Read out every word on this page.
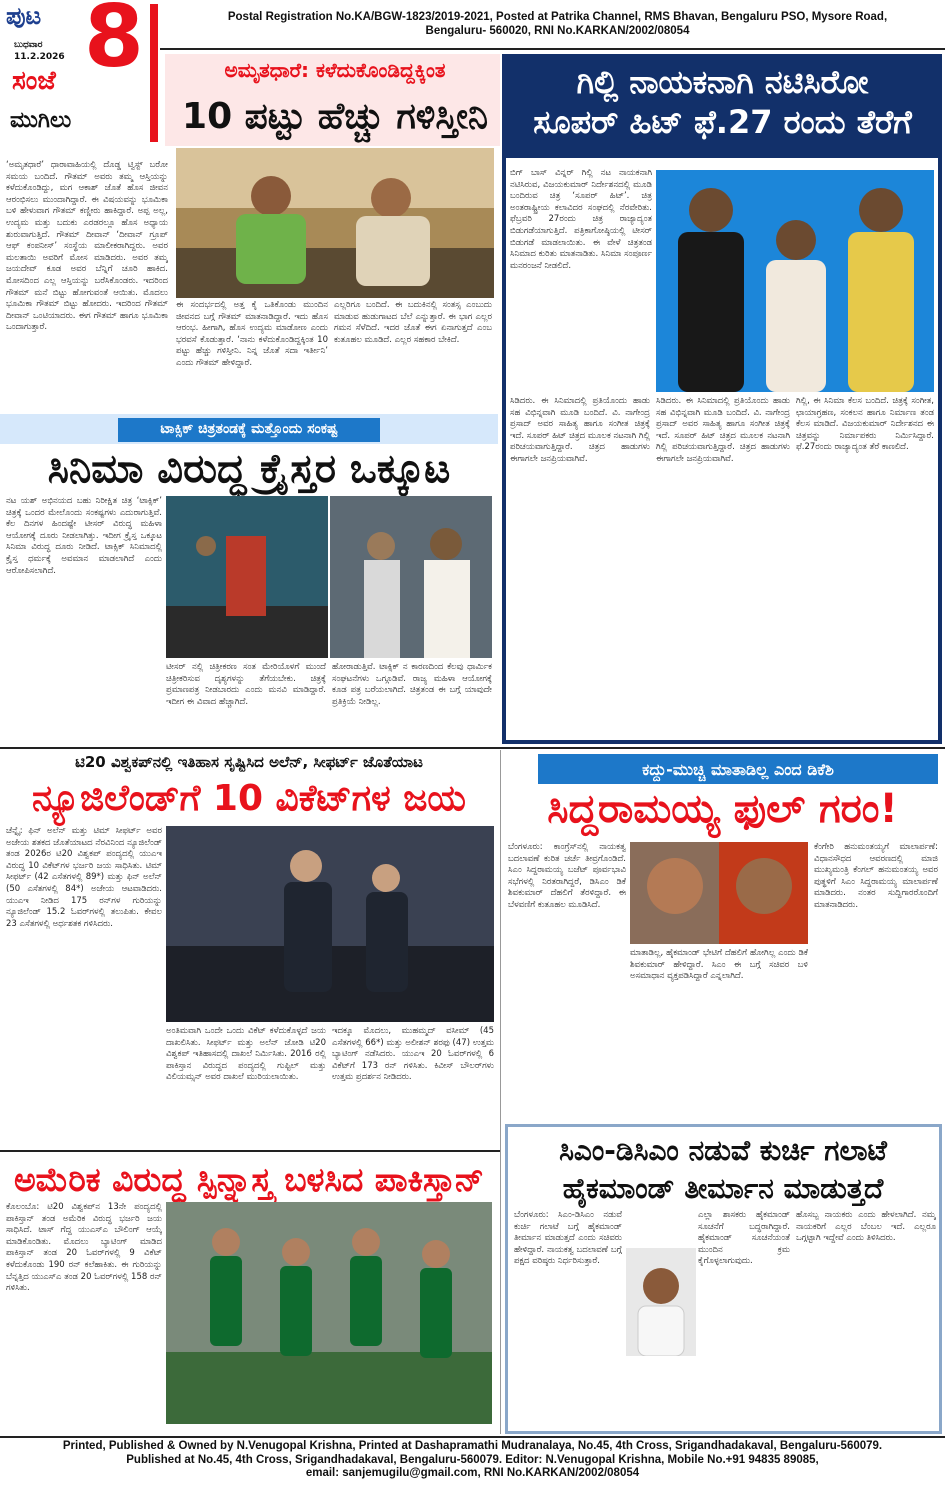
ಪುಟ 8
ಬುಧವಾರ
11.2.2026
ಸಂಜೆ
ಮುಗಿಲು
Postal Registration No.KA/BGW-1823/2019-2021, Posted at Patrika Channel, RMS Bhavan, Bengaluru PSO, Mysore Road,
Bengaluru- 560020, RNI No.KARKAN/2002/08054
ಅಮೃತಧಾರೆ: ಕಳೆದುಕೊಂಡಿದ್ದಕ್ಕಿಂತ
10 ಪಟ್ಟು ಹೆಚ್ಚು ಗಳಿಸ್ತೀನಿ
‘ಅಮೃತಧಾರೆ’ ಧಾರಾವಾಹಿಯಲ್ಲಿ ದೊಡ್ಡ ಟ್ವಿಸ್ಟ್ ಬರೋ ಸಮಯ ಬಂದಿದೆ. ಗೌತಮ್ ಅವರು ತಮ್ಮ ಆಸ್ತಿಯನ್ನು ಕಳೆದುಕೊಂಡಿದ್ದು, ಮಗ ಆಕಾಶ್ ಜೊತೆ ಹೊಸ ಜೀವನ ಆರಂಭಿಸಲು ಮುಂದಾಗಿದ್ದಾರೆ. ಈ ವಿಷಯವನ್ನು ಭೂಮಿಕಾ ಬಳಿ ಹೇಳುವಾಗ ಗೌತಮ್ ಕಣ್ಣೀರು ಹಾಕಿದ್ದಾರೆ. ಅಪ್ಪ ಅಲ್ಲ, ಉದ್ಯಮ ಮತ್ತು ಬದುಕು ಎರಡರಲ್ಲೂ ಹೊಸ ಅಧ್ಯಾಯ ಶುರುವಾಗುತ್ತಿದೆ. ಗೌತಮ್ ದೀವಾನ್ ‘ದೀವಾನ್ ಗ್ರೂಪ್ ಆಫ್ ಕಂಪನೀಸ್’ ಸಂಸ್ಥೆಯ ಮಾಲೀಕರಾಗಿದ್ದರು. ಅವರ ಮಲತಾಯಿ ಅವರಿಗೆ ಮೋಸ ಮಾಡಿದರು. ಅವರ ತಮ್ಮ ಜಯದೇವ್ ಕೂಡ ಅವರ ಬೆನ್ನಿಗೆ ಚೂರಿ ಹಾಕಿದ. ಮೋಸದಿಂದ ಎಲ್ಲ ಆಸ್ತಿಯನ್ನು ಬರೆಸಿಕೊಂಡರು. ಇದರಿಂದ ಗೌತಮ್ ಮನೆ ಬಿಟ್ಟು ಹೋಗುವಂತೆ ಆಯಿತು. ಮೊದಲು ಭೂಮಿಕಾ ಗೌತಮ್ ಬಿಟ್ಟು ಹೋದರು. ಇದರಿಂದ ಗೌತಮ್ ದೀವಾನ್ ಒಂಟಿಯಾದರು. ಈಗ ಗೌತಮ್ ಹಾಗೂ ಭೂಮಿಕಾ ಒಂದಾಗುತ್ತಾರೆ.
ಈ ಸಂದರ್ಭದಲ್ಲಿ ಅತ್ತ ಕೈ ಒತಿಕೊಂಡು ಮುಂದಿನ ಜೀವನದ ಬಗ್ಗೆ ಗೌತಮ್ ಮಾತನಾಡಿದ್ದಾರೆ. ಇದು ಹೊಸ ಆರಂಭ. ಹೀಗಾಗಿ, ಹೊಸ ಉದ್ಯಮ ಮಾಡೋಣ ಎಂದು ಭರವಸೆ ಕೊಡುತ್ತಾರೆ. ‘ನಾನು ಕಳೆದುಕೊಂಡಿದ್ದಕ್ಕಿಂತ 10 ಪಟ್ಟು ಹೆಚ್ಚು ಗಳಿಸ್ತೀನಿ. ನಿನ್ನ ಜೊತೆ ಸದಾ ಇರ್ತೀನಿ’ ಎಂದು ಗೌತಮ್ ಹೇಳಿದ್ದಾರೆ.
ಎಲ್ಲರಿಗೂ ಬಂದಿದೆ. ಈ ಬದುಕಿನಲ್ಲಿ ಸಂತಸ್ಸ ಎಂಬುದು ಮಾಡುವ ಹುಡುಗಾಟದ ಬೆಲೆ ಎನ್ನುತ್ತಾರೆ. ಈ ಭಾಗ ಎಲ್ಲರ ಗಮನ ಸೆಳೆದಿದೆ. ಇದರ ಜೊತೆ ಈಗ ಏನಾಗುತ್ತದೆ ಎಂಬ ಕುತೂಹಲ ಮೂಡಿದೆ. ಎಲ್ಲರ ಸಹಕಾರ ಬೇಕಿದೆ.
ಗಿಲ್ಲಿ ನಾಯಕನಾಗಿ ನಟಿಸಿರೋ
ಸೂಪರ್ ಹಿಟ್ ಫೆ.27 ರಂದು ತೆರೆಗೆ
ಬಿಗ್ ಬಾಸ್ ವಿನ್ನರ್ ಗಿಲ್ಲಿ ನಟ ನಾಯಕನಾಗಿ ನಟಿಸಿರುವ, ವಿಜಯಕುಮಾರ್ ನಿರ್ದೇಶನದಲ್ಲಿ ಮೂಡಿ ಬಂದಿರುವ ಚಿತ್ರ ‘ಸೂಪರ್ ಹಿಟ್’. ಚಿತ್ರ ಅಂತರಾಷ್ಟ್ರೀಯ ಕಲಾವಿದರ ಸಂಘದಲ್ಲಿ ನೆರವೇರಿತು. ಫೆಬ್ರವರಿ 27ರಂದು ಚಿತ್ರ ರಾಜ್ಯಾದ್ಯಂತ ಬಿಡುಗಡೆಯಾಗುತ್ತಿದೆ. ಪತ್ರಿಕಾಗೋಷ್ಠಿಯಲ್ಲಿ ಟೀಸರ್ ಬಿಡುಗಡೆ ಮಾಡಲಾಯಿತು. ಈ ವೇಳೆ ಚಿತ್ರತಂಡ ಸಿನಿಮಾದ ಕುರಿತು ಮಾತನಾಡಿತು. ಸಿನಿಮಾ ಸಂಪೂರ್ಣ ಮನರಂಜನೆ ನೀಡಲಿದೆ.
ಸಿಡಿದರು. ಈ ಸಿನಿಮಾದಲ್ಲಿ ಪ್ರತಿಯೊಂದು ಹಾಡು ಸಹ ವಿಭಿನ್ನವಾಗಿ ಮೂಡಿ ಬಂದಿದೆ. ವಿ. ನಾಗೇಂದ್ರ ಪ್ರಸಾದ್ ಅವರ ಸಾಹಿತ್ಯ ಹಾಗೂ ಸಂಗೀತ ಚಿತ್ರಕ್ಕೆ ಇದೆ. ಸೂಪರ್ ಹಿಟ್ ಚಿತ್ರದ ಮೂಲಕ ನಟನಾಗಿ ಗಿಲ್ಲಿ ಪರಿಚಯವಾಗುತ್ತಿದ್ದಾರೆ. ಚಿತ್ರದ ಹಾಡುಗಳು ಈಗಾಗಲೇ ಜನಪ್ರಿಯವಾಗಿವೆ.
ಸಿಡಿದರು. ಈ ಸಿನಿಮಾದಲ್ಲಿ ಪ್ರತಿಯೊಂದು ಹಾಡು ಸಹ ವಿಭಿನ್ನವಾಗಿ ಮೂಡಿ ಬಂದಿದೆ. ವಿ. ನಾಗೇಂದ್ರ ಪ್ರಸಾದ್ ಅವರ ಸಾಹಿತ್ಯ ಹಾಗೂ ಸಂಗೀತ ಚಿತ್ರಕ್ಕೆ ಇದೆ. ಸೂಪರ್ ಹಿಟ್ ಚಿತ್ರದ ಮೂಲಕ ನಟನಾಗಿ ಗಿಲ್ಲಿ ಪರಿಚಯವಾಗುತ್ತಿದ್ದಾರೆ. ಚಿತ್ರದ ಹಾಡುಗಳು ಈಗಾಗಲೇ ಜನಪ್ರಿಯವಾಗಿವೆ.
ಗಿಲ್ಲಿ, ಈ ಸಿನಿಮಾ ಕೆಲಸ ಬಂದಿದೆ. ಚಿತ್ರಕ್ಕೆ ಸಂಗೀತ, ಛಾಯಾಗ್ರಹಣ, ಸಂಕಲನ ಹಾಗೂ ನಿರ್ಮಾಣ ತಂಡ ಕೆಲಸ ಮಾಡಿದೆ. ವಿಜಯಕುಮಾರ್ ನಿರ್ದೇಶನದ ಈ ಚಿತ್ರವನ್ನು ನಿರ್ಮಾಪಕರು ನಿರ್ಮಿಸಿದ್ದಾರೆ. ಫೆ.27ರಂದು ರಾಜ್ಯಾದ್ಯಂತ ತೆರೆ ಕಾಣಲಿದೆ.
ಟಾಕ್ಸಿಕ್ ಚಿತ್ರತಂಡಕ್ಕೆ ಮತ್ತೊಂದು ಸಂಕಷ್ಟ
ಸಿನಿಮಾ ವಿರುದ್ಧ ಕ್ರೈಸ್ತರ ಒಕ್ಕೂಟ
ನಟ ಯಶ್ ಅಭಿನಯದ ಬಹು ನಿರೀಕ್ಷಿತ ಚಿತ್ರ ‘ಟಾಕ್ಸಿಕ್’ ಚಿತ್ರಕ್ಕೆ ಒಂದರ ಮೇಲೊಂದು ಸಂಕಷ್ಟಗಳು ಎದುರಾಗುತ್ತಿವೆ. ಕೆಲ ದಿನಗಳ ಹಿಂದಷ್ಟೇ ಟೀಸರ್ ವಿರುದ್ಧ ಮಹಿಳಾ ಆಯೋಗಕ್ಕೆ ದೂರು ನೀಡಲಾಗಿತ್ತು. ಇದೀಗ ಕ್ರೈಸ್ತ ಒಕ್ಕೂಟ ಸಿನಿಮಾ ವಿರುದ್ಧ ದೂರು ನೀಡಿದೆ. ಟಾಕ್ಸಿಕ್ ಸಿನಿಮಾದಲ್ಲಿ ಕ್ರೈಸ್ತ ಧರ್ಮಕ್ಕೆ ಅವಮಾನ ಮಾಡಲಾಗಿದೆ ಎಂದು ಆರೋಪಿಸಲಾಗಿದೆ.
ಟೀಸರ್ ನಲ್ಲಿ ಚಿತ್ರೀಕರಣ ಸಂತ ಮೇರಿಯೊಳಗೆ ಮುಂದೆ ಚಿತ್ರೀಕರಿಸುವ ದೃಶ್ಯಗಳನ್ನು ತೆಗೆಯಬೇಕು. ಚಿತ್ರಕ್ಕೆ ಪ್ರಮಾಣಪತ್ರ ನೀಡಬಾರದು ಎಂದು ಮನವಿ ಮಾಡಿದ್ದಾರೆ. ಇದೀಗ ಈ ವಿವಾದ ಹೆಚ್ಚಾಗಿದೆ.
ಹೋರಾಡುತ್ತಿವೆ. ಟಾಕ್ಸಿಕ್ ನ ಕಾರಣದಿಂದ ಕೆಲವು ಧಾರ್ಮಿಕ ಸಂಘಟನೆಗಳು ಒಗ್ಗೂಡಿವೆ. ರಾಜ್ಯ ಮಹಿಳಾ ಆಯೋಗಕ್ಕೆ ಕೂಡ ಪತ್ರ ಬರೆಯಲಾಗಿದೆ. ಚಿತ್ರತಂಡ ಈ ಬಗ್ಗೆ ಯಾವುದೇ ಪ್ರತಿಕ್ರಿಯೆ ನೀಡಿಲ್ಲ.
ಟಿ20 ವಿಶ್ವಕಪ್‌ನಲ್ಲಿ ಇತಿಹಾಸ ಸೃಷ್ಟಿಸಿದ ಅಲೆನ್, ಸೀಫರ್ಟ್ ಜೊತೆಯಾಟ
ನ್ಯೂಜಿಲೆಂಡ್‌ಗೆ 10 ವಿಕೆಟ್‌ಗಳ ಜಯ
ಚೆನ್ನೈ: ಫಿನ್ ಅಲೆನ್ ಮತ್ತು ಟಿಮ್ ಸೀಫರ್ಟ್ ಅವರ ಅಜೇಯ ಶತಕದ ಜೊತೆಯಾಟದ ನೆರವಿನಿಂದ ನ್ಯೂಜಿಲೆಂಡ್ ತಂಡ 2026ರ ಟಿ20 ವಿಶ್ವಕಪ್ ಪಂದ್ಯದಲ್ಲಿ ಯುಎಇ ವಿರುದ್ಧ 10 ವಿಕೆಟ್‌ಗಳ ಭರ್ಜರಿ ಜಯ ಸಾಧಿಸಿತು. ಟಿಮ್ ಸೀಫರ್ಟ್ (42 ಎಸೆತಗಳಲ್ಲಿ 89*) ಮತ್ತು ಫಿನ್ ಅಲೆನ್ (50 ಎಸೆತಗಳಲ್ಲಿ 84*) ಅಜೇಯ ಆಟವಾಡಿದರು. ಯುಎಇ ನೀಡಿದ 175 ರನ್‌ಗಳ ಗುರಿಯನ್ನು ನ್ಯೂಜಿಲೆಂಡ್ 15.2 ಓವರ್‌ಗಳಲ್ಲಿ ತಲುಪಿತು. ಕೇವಲ 23 ಎಸೆತಗಳಲ್ಲಿ ಅರ್ಧಶತಕ ಗಳಿಸಿದರು.
ಅಂತಿಮವಾಗಿ ಒಂದೇ ಒಂದು ವಿಕೆಟ್ ಕಳೆದುಕೊಳ್ಳದೆ ಜಯ ದಾಖಲಿಸಿತು. ಸೀಫರ್ಟ್ ಮತ್ತು ಅಲೆನ್ ಜೋಡಿ ಟಿ20 ವಿಶ್ವಕಪ್ ಇತಿಹಾಸದಲ್ಲಿ ದಾಖಲೆ ನಿರ್ಮಿಸಿತು. 2016 ರಲ್ಲಿ ಪಾಕಿಸ್ತಾನ ವಿರುದ್ಧದ ಪಂದ್ಯದಲ್ಲಿ ಗುಪ್ಟಿಲ್ ಮತ್ತು ವಿಲಿಯಮ್ಸನ್ ಅವರ ದಾಖಲೆ ಮುರಿಯಲಾಯಿತು.
ಇದಕ್ಕೂ ಮೊದಲು, ಮುಹಮ್ಮದ್ ವಸೀಮ್ (45 ಎಸೆತಗಳಲ್ಲಿ 66*) ಮತ್ತು ಅಲೀಶನ್ ಶರಫು (47) ಉತ್ತಮ ಬ್ಯಾಟಿಂಗ್ ನಡೆಸಿದರು. ಯುಎಇ 20 ಓವರ್‌ಗಳಲ್ಲಿ 6 ವಿಕೆಟ್‌ಗೆ 173 ರನ್ ಗಳಿಸಿತು. ಕಿವೀಸ್ ಬೌಲರ್‌ಗಳು ಉತ್ತಮ ಪ್ರದರ್ಶನ ನೀಡಿದರು.
ಕದ್ದು-ಮುಚ್ಚಿ ಮಾತಾಡಿಲ್ಲ ಎಂದ ಡಿಕೆಶಿ
ಸಿದ್ದರಾಮಯ್ಯ ಫುಲ್ ಗರಂ!
ಬೆಂಗಳೂರು: ಕಾಂಗ್ರೆಸ್‌ನಲ್ಲಿ ನಾಯಕತ್ವ ಬದಲಾವಣೆ ಕುರಿತ ಚರ್ಚೆ ತೀವ್ರಗೊಂಡಿದೆ. ಸಿಎಂ ಸಿದ್ದರಾಮಯ್ಯ ಬಜೆಟ್ ಪೂರ್ವಭಾವಿ ಸಭೆಗಳಲ್ಲಿ ನಿರತರಾಗಿದ್ದರೆ, ಡಿಸಿಎಂ ಡಿಕೆ ಶಿವಕುಮಾರ್ ದೆಹಲಿಗೆ ತೆರಳಿದ್ದಾರೆ. ಈ ಬೆಳವಣಿಗೆ ಕುತೂಹಲ ಮೂಡಿಸಿದೆ.
ಮಾತಾಡಿಲ್ಲ, ಹೈಕಮಾಂಡ್ ಭೇಟಿಗೆ ದೆಹಲಿಗೆ ಹೋಗಿಲ್ಲ ಎಂದು ಡಿಕೆ ಶಿವಕುಮಾರ್ ಹೇಳಿದ್ದಾರೆ. ಸಿಎಂ ಈ ಬಗ್ಗೆ ಸಚಿವರ ಬಳಿ ಅಸಮಾಧಾನ ವ್ಯಕ್ತಪಡಿಸಿದ್ದಾರೆ ಎನ್ನಲಾಗಿದೆ.
ಕೆಂಗೇರಿ ಹನುಮಂತಯ್ಯಗೆ ಮಾಲಾರ್ಪಣೆ: ವಿಧಾನಸೌಧದ ಆವರಣದಲ್ಲಿ ಮಾಜಿ ಮುಖ್ಯಮಂತ್ರಿ ಕೆಂಗಲ್ ಹನುಮಂತಯ್ಯ ಅವರ ಪುತ್ಥಳಿಗೆ ಸಿಎಂ ಸಿದ್ದರಾಮಯ್ಯ ಮಾಲಾರ್ಪಣೆ ಮಾಡಿದರು. ನಂತರ ಸುದ್ದಿಗಾರರೊಂದಿಗೆ ಮಾತನಾಡಿದರು.
ಅಮೆರಿಕ ವಿರುದ್ಧ ಸ್ಪಿನ್ನಾಸ್ತ್ರ ಬಳಸಿದ ಪಾಕಿಸ್ತಾನ್
ಕೊಲಂಬೊ: ಟಿ20 ವಿಶ್ವಕಪ್‌ನ 13ನೇ ಪಂದ್ಯದಲ್ಲಿ ಪಾಕಿಸ್ತಾನ್ ತಂಡ ಅಮೆರಿಕ ವಿರುದ್ಧ ಭರ್ಜರಿ ಜಯ ಸಾಧಿಸಿದೆ. ಟಾಸ್ ಗೆದ್ದ ಯುಎಸ್ಎ ಬೌಲಿಂಗ್ ಆಯ್ಕೆ ಮಾಡಿಕೊಂಡಿತು. ಮೊದಲು ಬ್ಯಾಟಿಂಗ್ ಮಾಡಿದ ಪಾಕಿಸ್ತಾನ್ ತಂಡ 20 ಓವರ್‌ಗಳಲ್ಲಿ 9 ವಿಕೆಟ್ ಕಳೆದುಕೊಂಡು 190 ರನ್ ಕಲೆಹಾಕಿತು. ಈ ಗುರಿಯನ್ನು ಬೆನ್ನತ್ತಿದ ಯುಎಸ್ಎ ತಂಡ 20 ಓವರ್‌ಗಳಲ್ಲಿ 158 ರನ್ ಗಳಿಸಿತು.
ಸಿಎಂ-ಡಿಸಿಎಂ ನಡುವೆ ಕುರ್ಚಿ ಗಲಾಟೆ
ಹೈಕಮಾಂಡ್ ತೀರ್ಮಾನ ಮಾಡುತ್ತದೆ
ಬೆಂಗಳೂರು: ಸಿಎಂ-ಡಿಸಿಎಂ ನಡುವೆ ಕುರ್ಚಿ ಗಲಾಟೆ ಬಗ್ಗೆ ಹೈಕಮಾಂಡ್ ತೀರ್ಮಾನ ಮಾಡುತ್ತದೆ ಎಂದು ಸಚಿವರು ಹೇಳಿದ್ದಾರೆ. ನಾಯಕತ್ವ ಬದಲಾವಣೆ ಬಗ್ಗೆ ಪಕ್ಷದ ವರಿಷ್ಠರು ನಿರ್ಧರಿಸುತ್ತಾರೆ.
ಎಲ್ಲಾ ಶಾಸಕರು ಹೈಕಮಾಂಡ್ ಸೂಚನೆಗೆ ಬದ್ಧರಾಗಿದ್ದಾರೆ. ಹೈಕಮಾಂಡ್ ಸೂಚನೆಯಂತೆ ಮುಂದಿನ ಕ್ರಮ ಕೈಗೊಳ್ಳಲಾಗುವುದು.
ಹೊಸಬ್ಬ ನಾಯಕರು ಎಂದು ಹೇಳಲಾಗಿದೆ. ನಮ್ಮ ನಾಯಕರಿಗೆ ಎಲ್ಲರ ಬೆಂಬಲ ಇದೆ. ಎಲ್ಲರೂ ಒಗ್ಗಟ್ಟಾಗಿ ಇದ್ದೇವೆ ಎಂದು ತಿಳಿಸಿದರು.
Printed, Published & Owned by N.Venugopal Krishna, Printed at Dashapramathi Mudranalaya, No.45, 4th Cross, Srigandhadakaval, Bengaluru-560079.
Published at No.45, 4th Cross, Srigandhadakaval, Bengaluru-560079. Editor: N.Venugopal Krishna, Mobile No.+91 94835 89085,
email: sanjemugilu@gmail.com, RNI No.KARKAN/2002/08054
